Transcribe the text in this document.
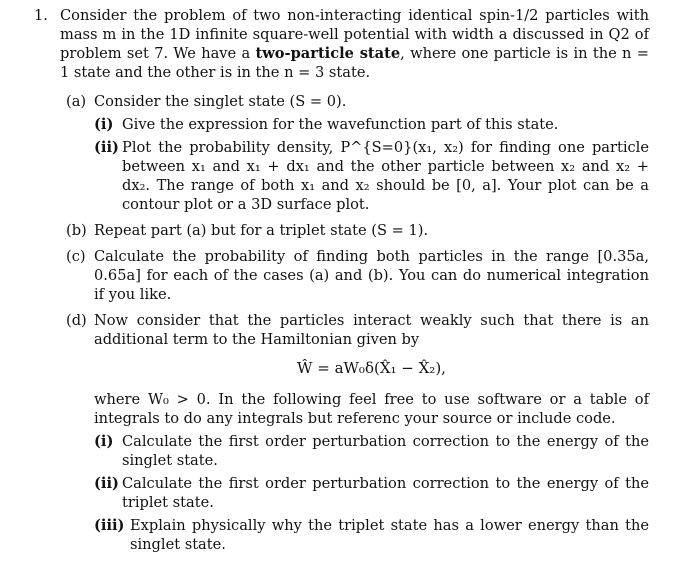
1. Consider the problem of two non-interacting identical spin-1/2 particles with mass m in the 1D infinite square-well potential with width a discussed in Q2 of problem set 7. We have a two-particle state, where one particle is in the n = 1 state and the other is in the n = 3 state.
(a) Consider the singlet state (S = 0).
(i) Give the expression for the wavefunction part of this state.
(ii) Plot the probability density, P^{S=0}(x₁, x₂) for finding one particle between x₁ and x₁ + dx₁ and the other particle between x₂ and x₂ + dx₂. The range of both x₁ and x₂ should be [0, a]. Your plot can be a contour plot or a 3D surface plot.
(b) Repeat part (a) but for a triplet state (S = 1).
(c) Calculate the probability of finding both particles in the range [0.35a, 0.65a] for each of the cases (a) and (b). You can do numerical integration if you like.
(d) Now consider that the particles interact weakly such that there is an additional term to the Hamiltonian given by
Ŵ = aW₀δ(X̂₁ − X̂₂),
where W₀ > 0. In the following feel free to use software or a table of integrals to do any integrals but referenc your source or include code.
(i) Calculate the first order perturbation correction to the energy of the singlet state.
(ii) Calculate the first order perturbation correction to the energy of the triplet state.
(iii) Explain physically why the triplet state has a lower energy than the singlet state.
